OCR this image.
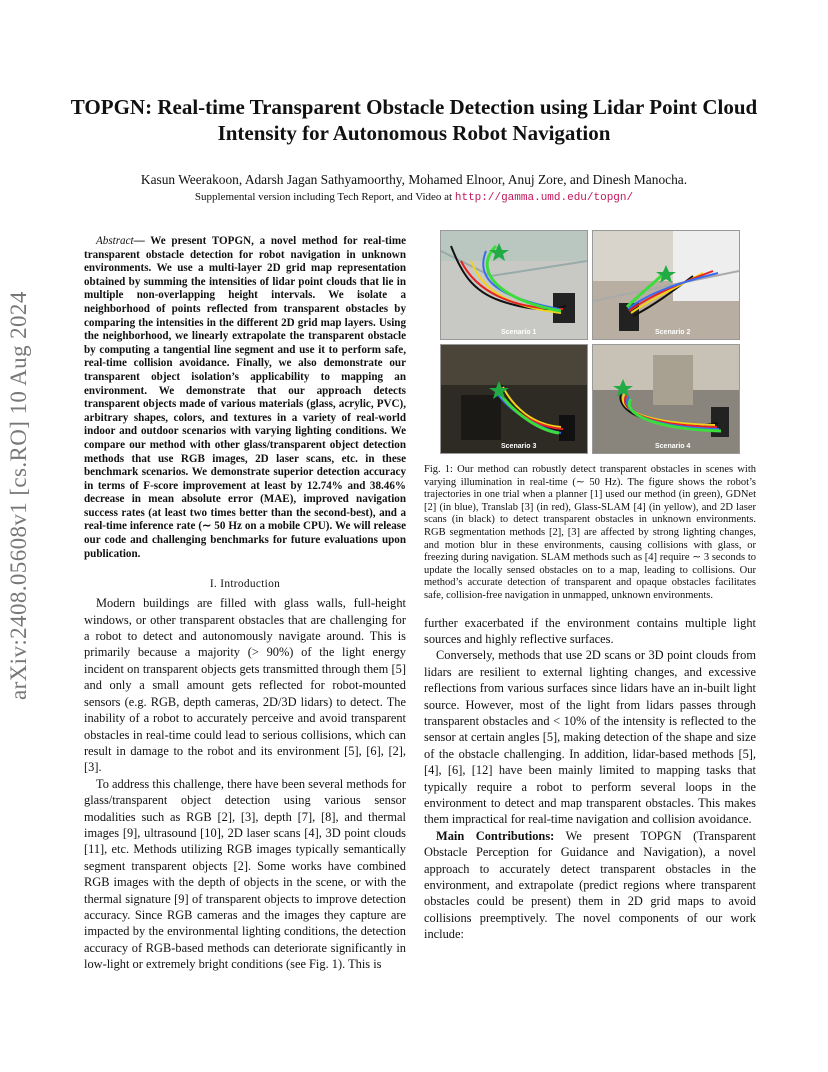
TOPGN: Real-time Transparent Obstacle Detection using Lidar Point Cloud Intensity for Autonomous Robot Navigation
Kasun Weerakoon, Adarsh Jagan Sathyamoorthy, Mohamed Elnoor, Anuj Zore, and Dinesh Manocha.
Supplemental version including Tech Report, and Video at http://gamma.umd.edu/topgn/
arXiv:2408.05608v1 [cs.RO] 10 Aug 2024

Abstract— We present TOPGN, a novel method for real-time transparent obstacle detection for robot navigation in unknown environments. We use a multi-layer 2D grid map representation obtained by summing the intensities of lidar point clouds that lie in multiple non-overlapping height intervals. We isolate a neighborhood of points reflected from transparent obstacles by comparing the intensities in the different 2D grid map layers. Using the neighborhood, we linearly extrapolate the transparent obstacle by computing a tangential line segment and use it to perform safe, real-time collision avoidance. Finally, we also demonstrate our transparent object isolation’s applicability to mapping an environment. We demonstrate that our approach detects transparent objects made of various materials (glass, acrylic, PVC), arbitrary shapes, colors, and textures in a variety of real-world indoor and outdoor scenarios with varying lighting conditions. We compare our method with other glass/transparent object detection methods that use RGB images, 2D laser scans, etc. in these benchmark scenarios. We demonstrate superior detection accuracy in terms of F-score improvement at least by 12.74% and 38.46% decrease in mean absolute error (MAE), improved navigation success rates (at least two times better than the second-best), and a real-time inference rate (∼ 50 Hz on a mobile CPU). We will release our code and challenging benchmarks for future evaluations upon publication.

I. Introduction

Modern buildings are filled with glass walls, full-height windows, or other transparent obstacles that are challenging for a robot to detect and autonomously navigate around. This is primarily because a majority (> 90%) of the light energy incident on transparent objects gets transmitted through them [5] and only a small amount gets reflected for robot-mounted sensors (e.g. RGB, depth cameras, 2D/3D lidars) to detect. The inability of a robot to accurately perceive and avoid transparent obstacles in real-time could lead to serious collisions, which can result in damage to the robot and its environment [5], [6], [2], [3].

To address this challenge, there have been several methods for glass/transparent object detection using various sensor modalities such as RGB [2], [3], depth [7], [8], and thermal images [9], ultrasound [10], 2D laser scans [4], 3D point clouds [11], etc. Methods utilizing RGB images typically semantically segment transparent objects [2]. Some works have combined RGB images with the depth of objects in the scene, or with the thermal signature [9] of transparent objects to improve detection accuracy. Since RGB cameras and the images they capture are impacted by the environmental lighting conditions, the detection accuracy of RGB-based methods can deteriorate significantly in low-light or extremely bright conditions (see Fig. 1). This is

Scenario 1	Scenario 2
Scenario 3	Scenario 4

Fig. 1: Our method can robustly detect transparent obstacles in scenes with varying illumination in real-time (∼ 50 Hz). The figure shows the robot’s trajectories in one trial when a planner [1] used our method (in green), GDNet [2] (in blue), Translab [3] (in red), Glass-SLAM [4] (in yellow), and 2D laser scans (in black) to detect transparent obstacles in unknown environments. RGB segmentation methods [2], [3] are affected by strong lighting changes, and motion blur in these environments, causing collisions with glass, or freezing during navigation. SLAM methods such as [4] require ∼ 3 seconds to update the locally sensed obstacles on to a map, leading to collisions. Our method’s accurate detection of transparent and opaque obstacles facilitates safe, collision-free navigation in unmapped, unknown environments.

further exacerbated if the environment contains multiple light sources and highly reflective surfaces.

Conversely, methods that use 2D scans or 3D point clouds from lidars are resilient to external lighting changes, and excessive reflections from various surfaces since lidars have an in-built light source. However, most of the light from lidars passes through transparent obstacles and < 10% of the intensity is reflected to the sensor at certain angles [5], making detection of the shape and size of the obstacle challenging. In addition, lidar-based methods [5], [4], [6], [12] have been mainly limited to mapping tasks that typically require a robot to perform several loops in the environment to detect and map transparent obstacles. This makes them impractical for real-time navigation and collision avoidance.

Main Contributions: We present TOPGN (Transparent Obstacle Perception for Guidance and Navigation), a novel approach to accurately detect transparent obstacles in the environment, and extrapolate (predict regions where transparent obstacles could be present) them in 2D grid maps to avoid collisions preemptively. The novel components of our work include:
